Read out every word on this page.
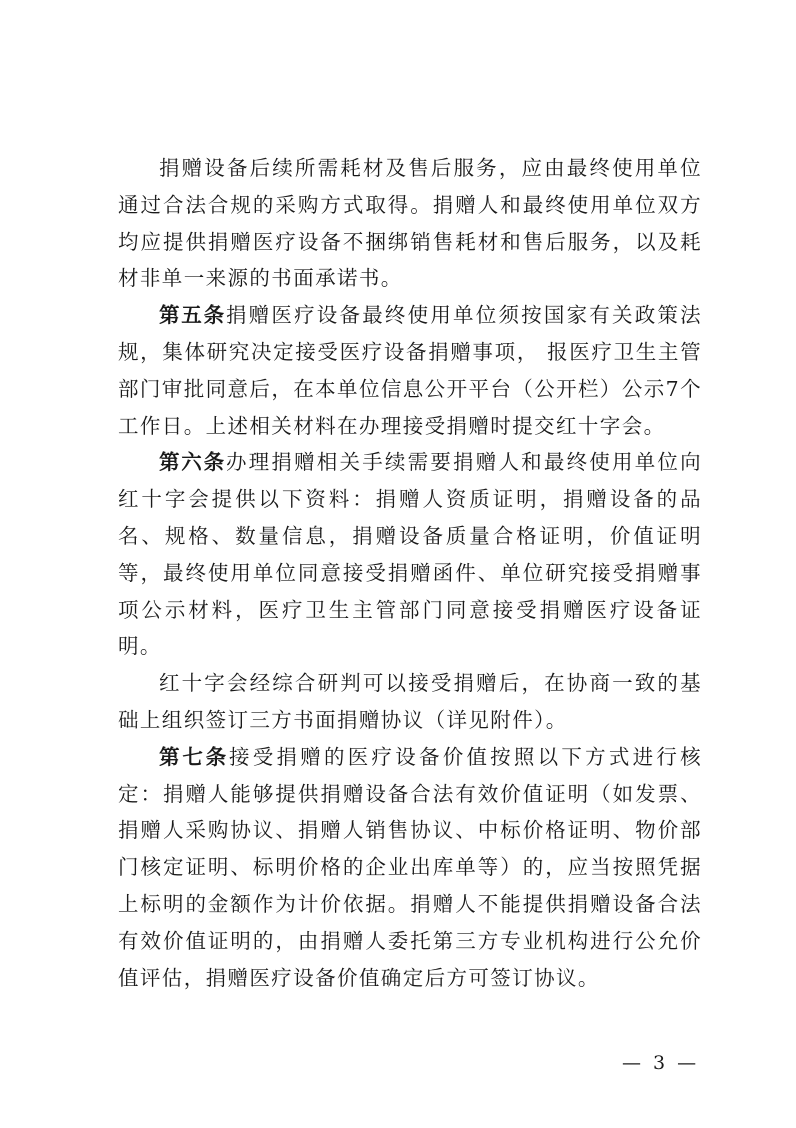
捐赠设备后续所需耗材及售后服务，应由最终使用单位通过合法合规的采购方式取得。捐赠人和最终使用单位双方均应提供捐赠医疗设备不捆绑销售耗材和售后服务，以及耗材非单一来源的书面承诺书。

第五条捐赠医疗设备最终使用单位须按国家有关政策法规，集体研究决定接受医疗设备捐赠事项， 报医疗卫生主管部门审批同意后，在本单位信息公开平台（公开栏）公示7个工作日。上述相关材料在办理接受捐赠时提交红十字会。

第六条办理捐赠相关手续需要捐赠人和最终使用单位向红十字会提供以下资料：捐赠人资质证明，捐赠设备的品名、规格、数量信息，捐赠设备质量合格证明，价值证明等，最终使用单位同意接受捐赠函件、单位研究接受捐赠事项公示材料，医疗卫生主管部门同意接受捐赠医疗设备证明。

红十字会经综合研判可以接受捐赠后，在协商一致的基础上组织签订三方书面捐赠协议（详见附件）。

第七条接受捐赠的医疗设备价值按照以下方式进行核定：捐赠人能够提供捐赠设备合法有效价值证明（如发票、捐赠人采购协议、捐赠人销售协议、中标价格证明、物价部门核定证明、标明价格的企业出库单等）的，应当按照凭据上标明的金额作为计价依据。捐赠人不能提供捐赠设备合法有效价值证明的，由捐赠人委托第三方专业机构进行公允价值评估，捐赠医疗设备价值确定后方可签订协议。

— 3 —
